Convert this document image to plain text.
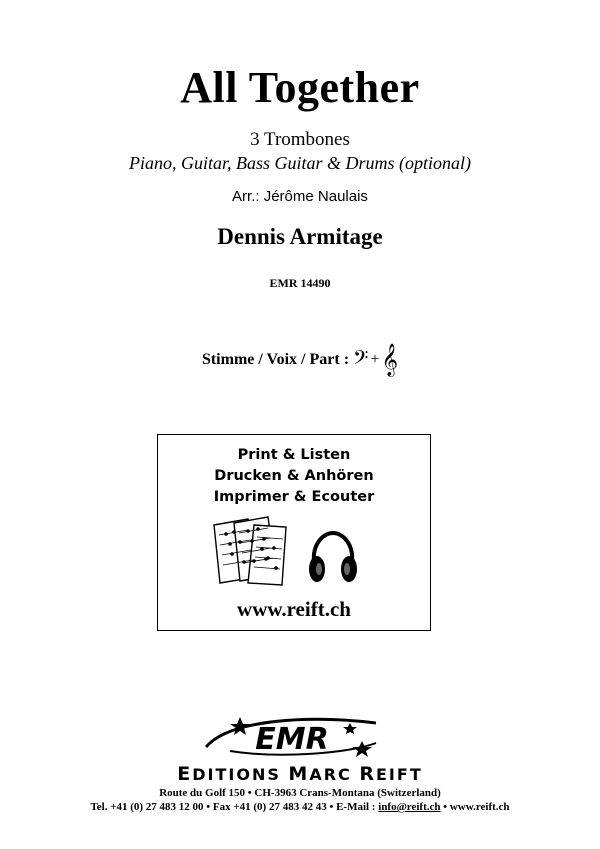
All Together
3 Trombones
Piano, Guitar, Bass Guitar & Drums (optional)
Arr.: Jérôme Naulais
Dennis Armitage
EMR 14490
Stimme / Voix / Part : 𝄢 + 𝄞
Print & Listen
Drucken & Anhören
Imprimer & Ecouter
www.reift.ch
EMR
EDITIONS MARC REIFT
Route du Golf 150 • CH-3963 Crans-Montana (Switzerland)
Tel. +41 (0) 27 483 12 00 • Fax +41 (0) 27 483 42 43 • E-Mail : info@reift.ch • www.reift.ch
